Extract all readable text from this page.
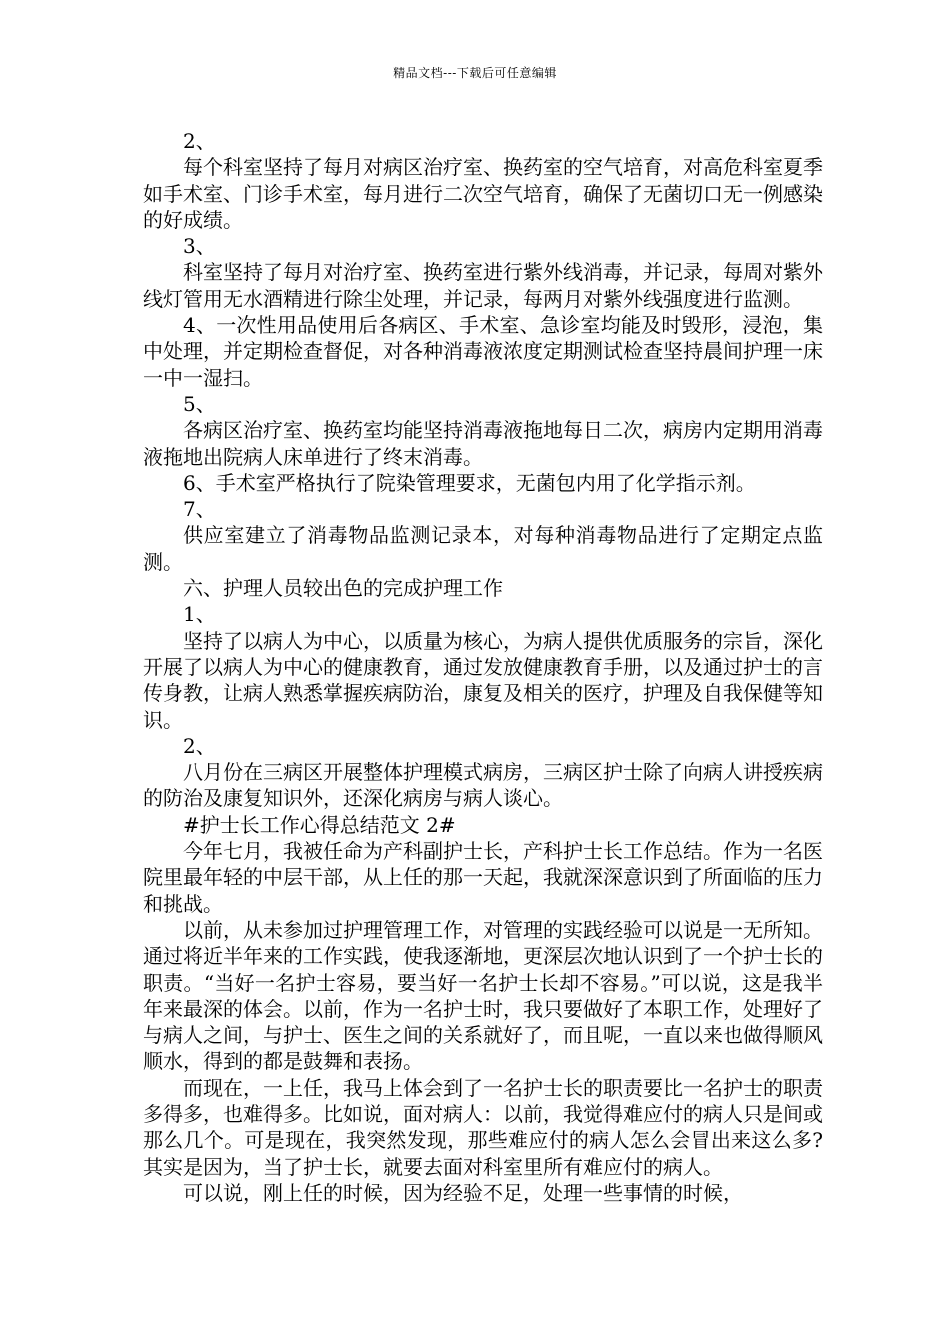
精品文档---下载后可任意编辑

2、

每个科室坚持了每月对病区治疗室、换药室的空气培育，对高危科室夏季如手术室、门诊手术室，每月进行二次空气培育，确保了无菌切口无一例感染的好成绩。

3、

科室坚持了每月对治疗室、换药室进行紫外线消毒，并记录，每周对紫外线灯管用无水酒精进行除尘处理，并记录，每两月对紫外线强度进行监测。

4、一次性用品使用后各病区、手术室、急诊室均能及时毁形，浸泡，集中处理，并定期检查督促，对各种消毒液浓度定期测试检查坚持晨间护理一床一中一湿扫。

5、

各病区治疗室、换药室均能坚持消毒液拖地每日二次，病房内定期用消毒液拖地出院病人床单进行了终末消毒。

6、手术室严格执行了院染管理要求，无菌包内用了化学指示剂。

7、

供应室建立了消毒物品监测记录本，对每种消毒物品进行了定期定点监测。

六、护理人员较出色的完成护理工作

1、

坚持了以病人为中心，以质量为核心，为病人提供优质服务的宗旨，深化开展了以病人为中心的健康教育，通过发放健康教育手册，以及通过护士的言传身教，让病人熟悉掌握疾病防治，康复及相关的医疗，护理及自我保健等知识。

2、

八月份在三病区开展整体护理模式病房，三病区护士除了向病人讲授疾病的防治及康复知识外，还深化病房与病人谈心。

#护士长工作心得总结范文 2#

今年七月，我被任命为产科副护士长，产科护士长工作总结。作为一名医院里最年轻的中层干部，从上任的那一天起，我就深深意识到了所面临的压力和挑战。

以前，从未参加过护理管理工作，对管理的实践经验可以说是一无所知。通过将近半年来的工作实践，使我逐渐地，更深层次地认识到了一个护士长的职责。“当好一名护士容易，要当好一名护士长却不容易。”可以说，这是我半年来最深的体会。以前，作为一名护士时，我只要做好了本职工作，处理好了与病人之间，与护士、医生之间的关系就好了，而且呢，一直以来也做得顺风顺水，得到的都是鼓舞和表扬。

而现在，一上任，我马上体会到了一名护士长的职责要比一名护士的职责多得多，也难得多。比如说，面对病人：以前，我觉得难应付的病人只是间或那么几个。可是现在，我突然发现，那些难应付的病人怎么会冒出来这么多?其实是因为，当了护士长，就要去面对科室里所有难应付的病人。

可以说，刚上任的时候，因为经验不足，处理一些事情的时候，
